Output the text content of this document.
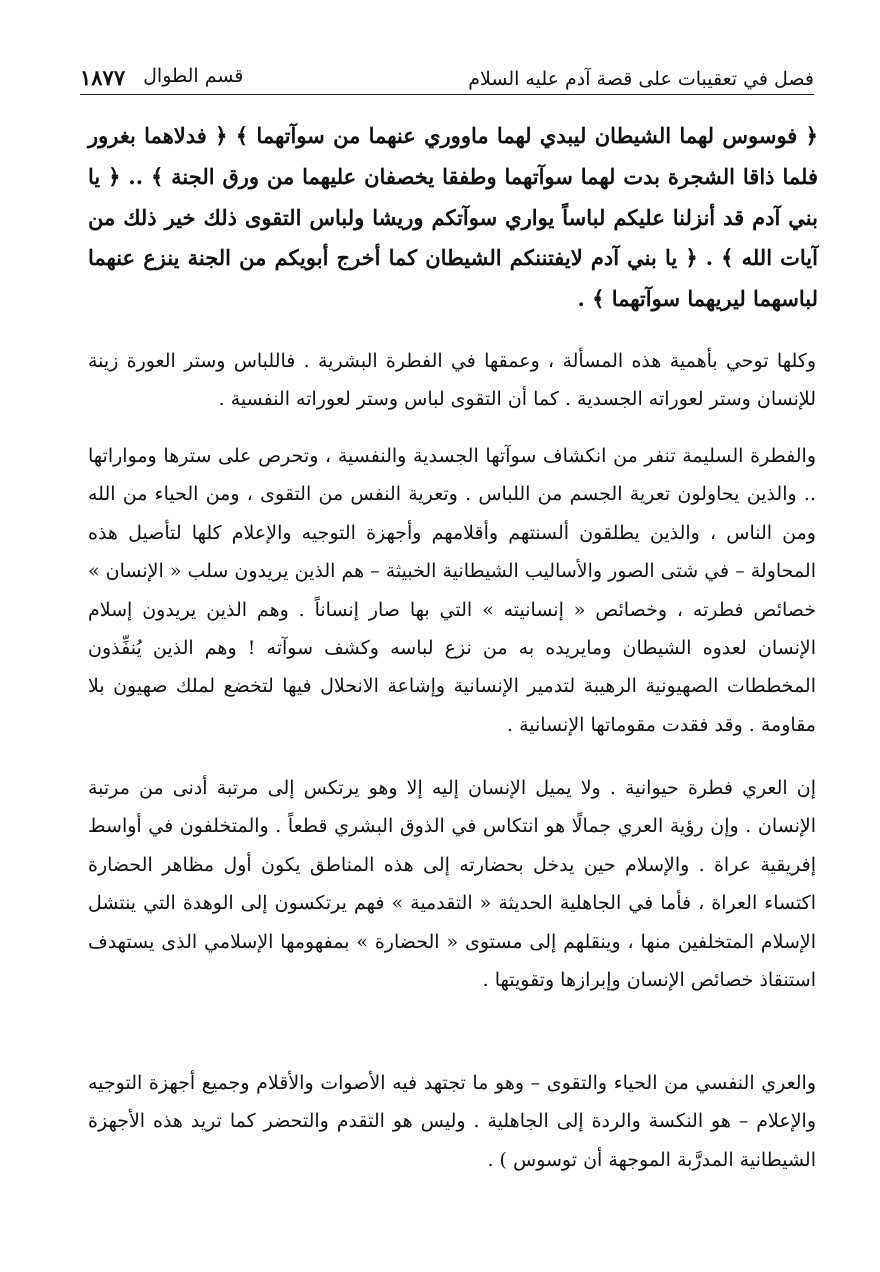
فصل في تعقيبات على قصة آدم عليه السلام
قسم الطوال
١٨٧٧
﴿ فوسوس لهما الشيطان ليبدي لهما ماووري عنهما من سوآتهما ﴾ ﴿ فدلاهما بغرور فلما ذاقا الشجرة بدت لهما سوآتهما وطفقا يخصفان عليهما من ورق الجنة ﴾ .. ﴿ يا بني آدم قد أنزلنا عليكم لباساً يواري سوآتكم وريشا ولباس التقوى ذلك خير ذلك من آيات الله ﴾ . ﴿ يا بني آدم لايفتننكم الشيطان كما أخرج أبويكم من الجنة ينزع عنهما لباسهما ليريهما سوآتهما ﴾ .
وكلها توحي بأهمية هذه المسألة ، وعمقها في الفطرة البشرية . فاللباس وستر العورة زينة للإنسان وستر لعوراته الجسدية . كما أن التقوى لباس وستر لعوراته النفسية .
والفطرة السليمة تنفر من انكشاف سوآتها الجسدية والنفسية ، وتحرص على سترها ومواراتها .. والذين يحاولون تعرية الجسم من اللباس . وتعرية النفس من التقوى ، ومن الحياء من الله ومن الناس ، والذين يطلقون ألسنتهم وأقلامهم وأجهزة التوجيه والإعلام كلها لتأصيل هذه المحاولة – في شتى الصور والأساليب الشيطانية الخبيثة – هم الذين يريدون سلب « الإنسان » خصائص فطرته ، وخصائص « إنسانيته » التي بها صار إنساناً . وهم الذين يريدون إسلام الإنسان لعدوه الشيطان ومايريده به من نزع لباسه وكشف سوآته ! وهم الذين يُنفِّذون المخططات الصهيونية الرهيبة لتدمير الإنسانية وإشاعة الانحلال فيها لتخضع لملك صهيون بلا مقاومة . وقد فقدت مقوماتها الإنسانية .
إن العري فطرة حيوانية . ولا يميل الإنسان إليه إلا وهو يرتكس إلى مرتبة أدنى من مرتبة الإنسان . وإن رؤية العري جمالًا هو انتكاس في الذوق البشري قطعاً . والمتخلفون في أواسط إفريقية عراة . والإسلام حين يدخل بحضارته إلى هذه المناطق يكون أول مظاهر الحضارة اكتساء العراة ، فأما في الجاهلية الحديثة « التقدمية » فهم يرتكسون إلى الوهدة التي ينتشل الإسلام المتخلفين منها ، وينقلهم إلى مستوى « الحضارة » بمفهومها الإسلامي الذى يستهدف استنقاذ خصائص الإنسان وإبرازها وتقويتها .
والعري النفسي من الحياء والتقوى – وهو ما تجتهد فيه الأصوات والأقلام وجميع أجهزة التوجيه والإعلام – هو النكسة والردة إلى الجاهلية . وليس هو التقدم والتحضر كما تريد هذه الأجهزة الشيطانية المدرَّبة الموجهة أن توسوس ) .
